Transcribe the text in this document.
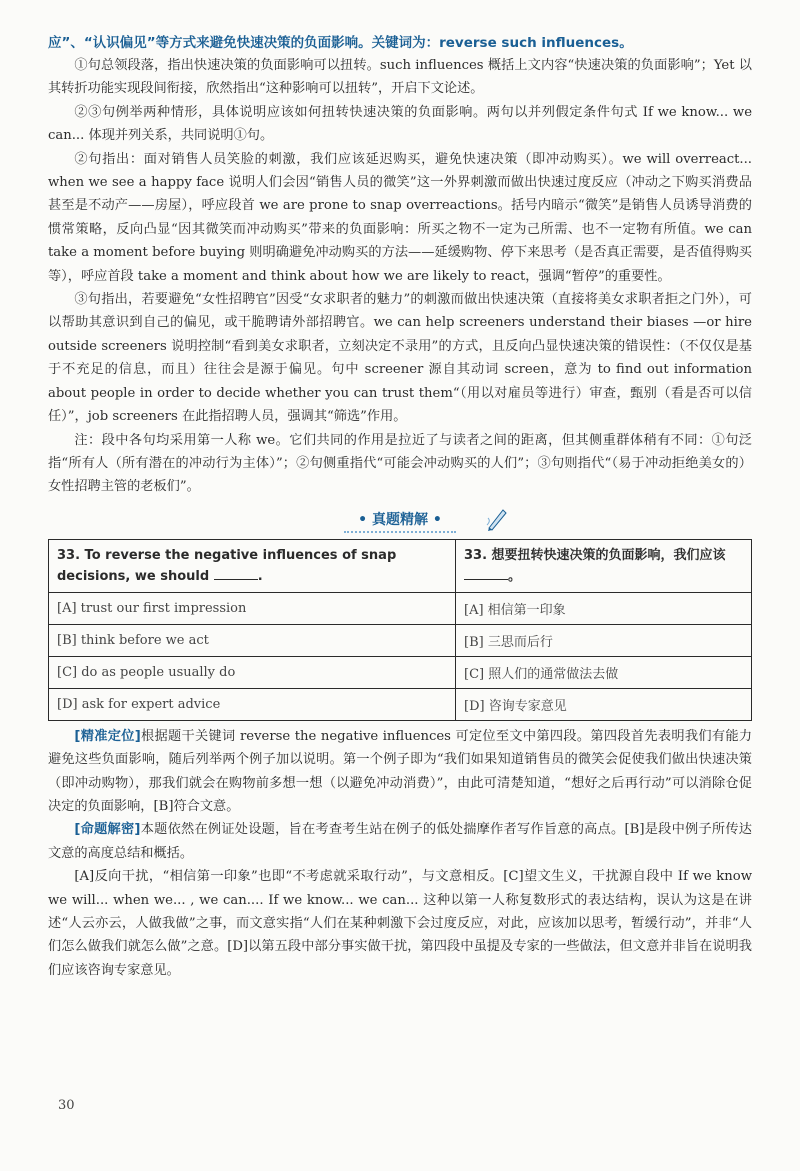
应”、“认识偏见”等方式来避免快速决策的负面影响。关键词为：reverse such influences。

①句总领段落，指出快速决策的负面影响可以扭转。such influences 概括上文内容“快速决策的负面影响”；Yet 以其转折功能实现段间衔接，欣然指出“这种影响可以扭转”，开启下文论述。

②③句例举两种情形，具体说明应该如何扭转快速决策的负面影响。两句以并列假定条件句式 If we know... we can... 体现并列关系，共同说明①句。

②句指出：面对销售人员笑脸的刺激，我们应该延迟购买，避免快速决策（即冲动购买）。we will overreact... when we see a happy face 说明人们会因“销售人员的微笑”这一外界刺激而做出快速过度反应（冲动之下购买消费品甚至是不动产——房屋），呼应段首 we are prone to snap overreactions。括号内暗示“微笑”是销售人员诱导消费的惯常策略，反向凸显“因其微笑而冲动购买”带来的负面影响：所买之物不一定为己所需、也不一定物有所值。we can take a moment before buying 则明确避免冲动购买的方法——延缓购物、停下来思考（是否真正需要，是否值得购买等），呼应首段 take a moment and think about how we are likely to react，强调“暂停”的重要性。

③句指出，若要避免“女性招聘官”因受“女求职者的魅力”的刺激而做出快速决策（直接将美女求职者拒之门外），可以帮助其意识到自己的偏见，或干脆聘请外部招聘官。we can help screeners understand their biases —or hire outside screeners 说明控制“看到美女求职者，立刻决定不录用”的方式，且反向凸显快速决策的错误性：（不仅仅是基于不充足的信息，而且）往往会是源于偏见。句中 screener 源自其动词 screen，意为 to find out information about people in order to decide whether you can trust them“（用以对雇员等进行）审查，甄别（看是否可以信任）”，job screeners 在此指招聘人员，强调其“筛选”作用。

注：段中各句均采用第一人称 we。它们共同的作用是拉近了与读者之间的距离，但其侧重群体稍有不同：①句泛指“所有人（所有潜在的冲动行为主体）”；②句侧重指代“可能会冲动购买的人们”；③句则指代“（易于冲动拒绝美女的）女性招聘主管的老板们”。

• 真题精解 •
33. To reverse the negative influences of snap decisions, we should .	33. 想要扭转快速决策的负面影响，我们应该。
[A] trust our first impression	[A] 相信第一印象
[B] think before we act	[B] 三思而后行
[C] do as people usually do	[C] 照人们的通常做法去做
[D] ask for expert advice	[D] 咨询专家意见

[精准定位]根据题干关键词 reverse the negative influences 可定位至文中第四段。第四段首先表明我们有能力避免这些负面影响，随后列举两个例子加以说明。第一个例子即为“我们如果知道销售员的微笑会促使我们做出快速决策（即冲动购物），那我们就会在购物前多想一想（以避免冲动消费）”，由此可清楚知道，“想好之后再行动”可以消除仓促决定的负面影响，[B]符合文意。

[命题解密]本题依然在例证处设题，旨在考查考生站在例子的低处揣摩作者写作旨意的高点。[B]是段中例子所传达文意的高度总结和概括。

[A]反向干扰，“相信第一印象”也即“不考虑就采取行动”，与文意相反。[C]望文生义，干扰源自段中 If we know we will... when we... , we can.... If we know... we can... 这种以第一人称复数形式的表达结构，误认为这是在讲述“人云亦云，人做我做”之事，而文意实指“人们在某种刺激下会过度反应，对此，应该加以思考，暂缓行动”，并非“人们怎么做我们就怎么做”之意。[D]以第五段中部分事实做干扰，第四段中虽提及专家的一些做法，但文意并非旨在说明我们应该咨询专家意见。

30
